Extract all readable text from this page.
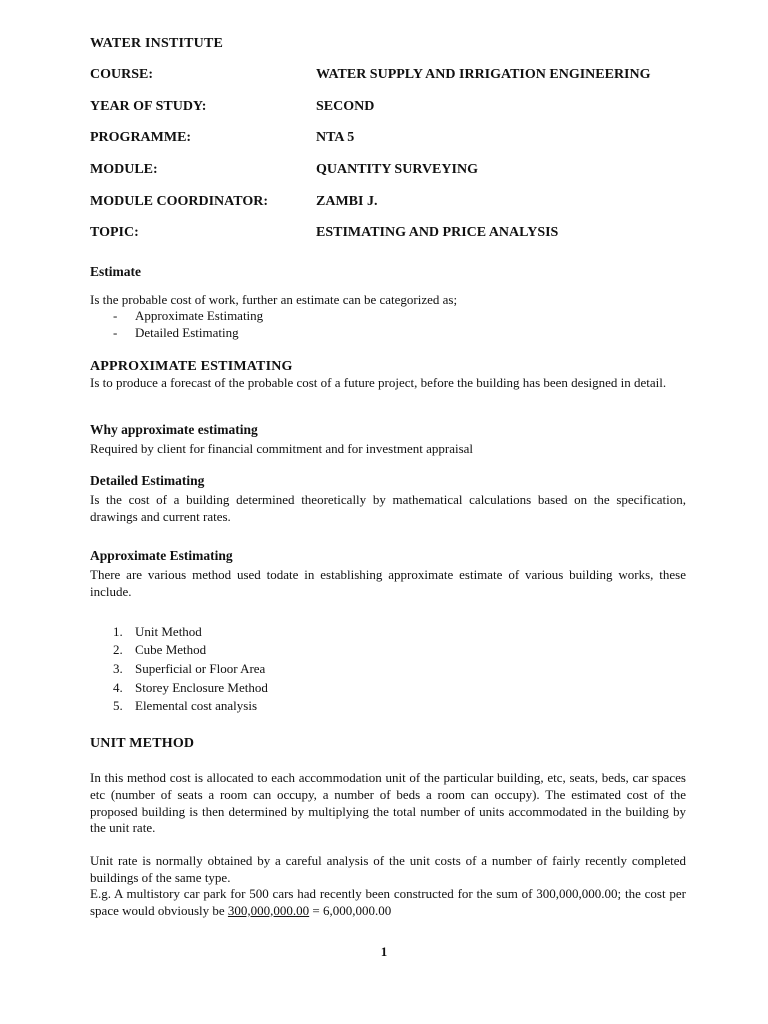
WATER INSTITUTE
COURSE:	WATER SUPPLY AND IRRIGATION ENGINEERING
YEAR OF STUDY:	SECOND
PROGRAMME:	NTA 5
MODULE:	QUANTITY SURVEYING
MODULE COORDINATOR:	ZAMBI J.
TOPIC:	ESTIMATING AND PRICE ANALYSIS
Estimate
Is the probable cost of work, further an estimate can be categorized as;
- Approximate Estimating
- Detailed Estimating
APPROXIMATE ESTIMATING
Is to produce a forecast of the probable cost of a future project, before the building has been designed in detail.
Why approximate estimating
Required by client for financial commitment and for investment appraisal
Detailed Estimating
Is the cost of a building determined theoretically by mathematical calculations based on the specification, drawings and current rates.
Approximate Estimating
There are various method used todate in establishing approximate estimate of various building works, these include.
1. Unit Method
2. Cube Method
3. Superficial or Floor Area
4. Storey Enclosure Method
5. Elemental cost analysis
UNIT METHOD
In this method cost is allocated to each accommodation unit of the particular building, etc, seats, beds, car spaces etc (number of seats a room can occupy, a number of beds a room can occupy). The estimated cost of the proposed building is then determined by multiplying the total number of units accommodated in the building by the unit rate.
Unit rate is normally obtained by a careful analysis of the unit costs of a number of fairly recently completed buildings of the same type.
E.g. A multistory car park for 500 cars had recently been constructed for the sum of 300,000,000.00; the cost per space would obviously be 300,000,000.00 = 6,000,000.00
1
